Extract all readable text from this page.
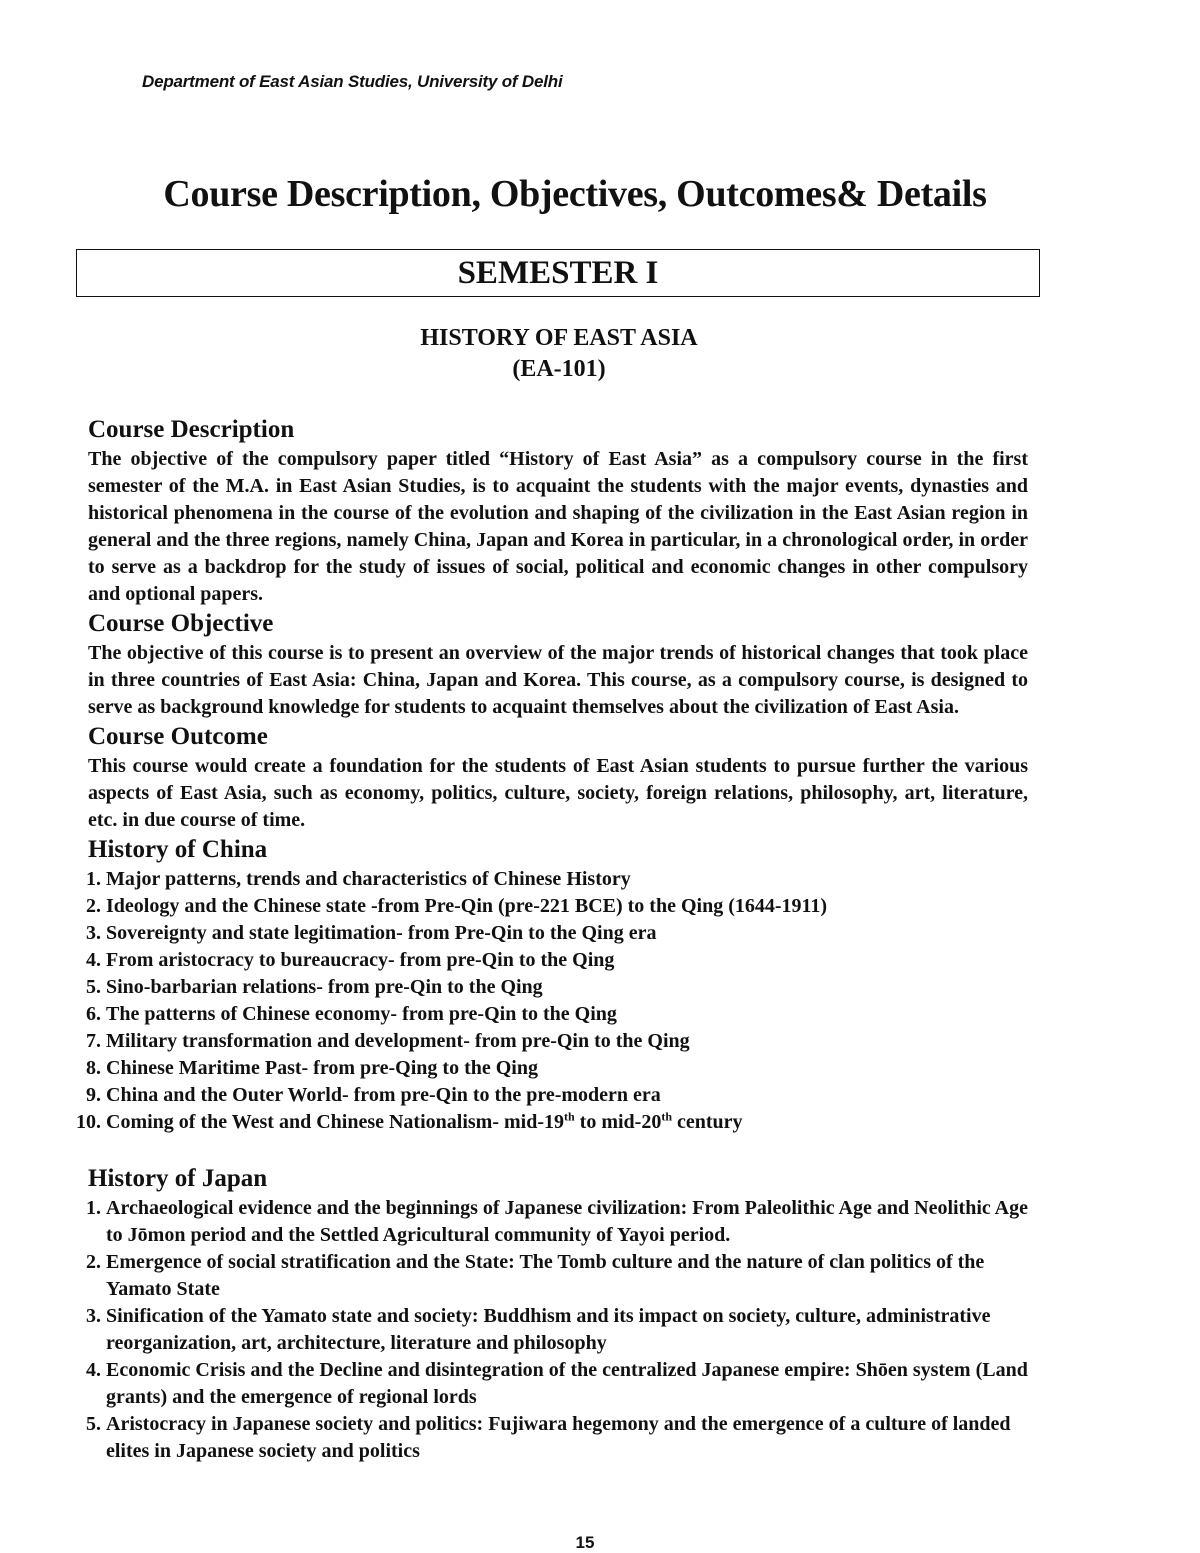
Department of East Asian Studies, University of Delhi
Course Description, Objectives, Outcomes& Details
SEMESTER I
HISTORY OF EAST ASIA
(EA-101)
Course Description

The objective of the compulsory paper titled “History of East Asia” as a compulsory course in the first semester of the M.A. in East Asian Studies, is to acquaint the students with the major events, dynasties and historical phenomena in the course of the evolution and shaping of the civilization in the East Asian region in general and the three regions, namely China, Japan and Korea in particular, in a chronological order, in order to serve as a backdrop for the study of issues of social, political and economic changes in other compulsory and optional papers.

Course Objective

The objective of this course is to present an overview of the major trends of historical changes that took place in three countries of East Asia: China, Japan and Korea. This course, as a compulsory course, is designed to serve as background knowledge for students to acquaint themselves about the civilization of East Asia.

Course Outcome

This course would create a foundation for the students of East Asian students to pursue further the various aspects of East Asia, such as economy, politics, culture, society, foreign relations, philosophy, art, literature, etc. in due course of time.

History of China
1. Major patterns, trends and characteristics of Chinese History
2. Ideology and the Chinese state -from Pre-Qin (pre-221 BCE) to the Qing (1644-1911)
3. Sovereignty and state legitimation- from Pre-Qin to the Qing era
4. From aristocracy to bureaucracy- from pre-Qin to the Qing
5. Sino-barbarian relations- from pre-Qin to the Qing
6. The patterns of Chinese economy- from pre-Qin to the Qing
7. Military transformation and development- from pre-Qin to the Qing
8. Chinese Maritime Past- from pre-Qing to the Qing
9. China and the Outer World- from pre-Qin to the pre-modern era
10. Coming of the West and Chinese Nationalism- mid-19th to mid-20th century
History of Japan
1. Archaeological evidence and the beginnings of Japanese civilization: From Paleolithic Age and Neolithic Age to Jōmon period and the Settled Agricultural community of Yayoi period.
2. Emergence of social stratification and the State: The Tomb culture and the nature of clan politics of the Yamato State
3. Sinification of the Yamato state and society: Buddhism and its impact on society, culture, administrative reorganization, art, architecture, literature and philosophy
4. Economic Crisis and the Decline and disintegration of the centralized Japanese empire: Shōen system (Land grants) and the emergence of regional lords
5. Aristocracy in Japanese society and politics: Fujiwara hegemony and the emergence of a culture of landed elites in Japanese society and politics
15
